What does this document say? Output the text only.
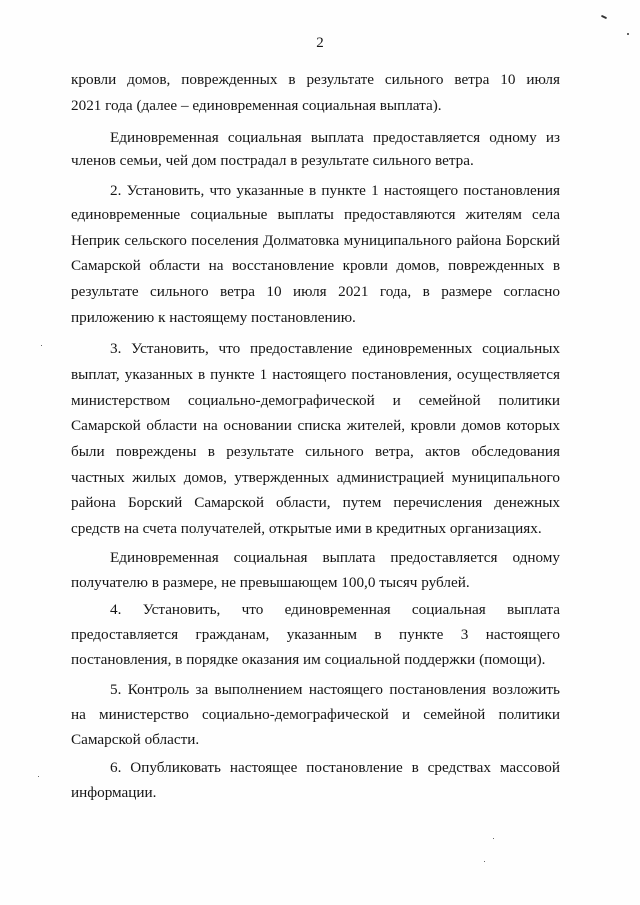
2
кровли домов, поврежденных в результате сильного ветра 10 июля
2021 года (далее – единовременная социальная выплата).
Единовременная социальная выплата предоставляется одному из
членов семьи, чей дом пострадал в результате сильного ветра.
2. Установить, что указанные в пункте 1 настоящего постановления
единовременные социальные выплаты предоставляются жителям села
Неприк сельского поселения Долматовка муниципального района Борский
Самарской области на восстановление кровли домов, поврежденных в
результате сильного ветра 10 июля 2021 года, в размере согласно
приложению к настоящему постановлению.
3. Установить, что предоставление единовременных социальных
выплат, указанных в пункте 1 настоящего постановления, осуществляется
министерством социально-демографической и семейной политики
Самарской области на основании списка жителей, кровли домов которых
были повреждены в результате сильного ветра, актов обследования
частных жилых домов, утвержденных администрацией муниципального
района Борский Самарской области, путем перечисления денежных
средств на счета получателей, открытые ими в кредитных организациях.
Единовременная социальная выплата предоставляется одному
получателю в размере, не превышающем 100,0 тысяч рублей.
4. Установить, что единовременная социальная выплата
предоставляется гражданам, указанным в пункте 3 настоящего
постановления, в порядке оказания им социальной поддержки (помощи).
5. Контроль за выполнением настоящего постановления возложить
на министерство социально-демографической и семейной политики
Самарской области.
6. Опубликовать настоящее постановление в средствах массовой
информации.
